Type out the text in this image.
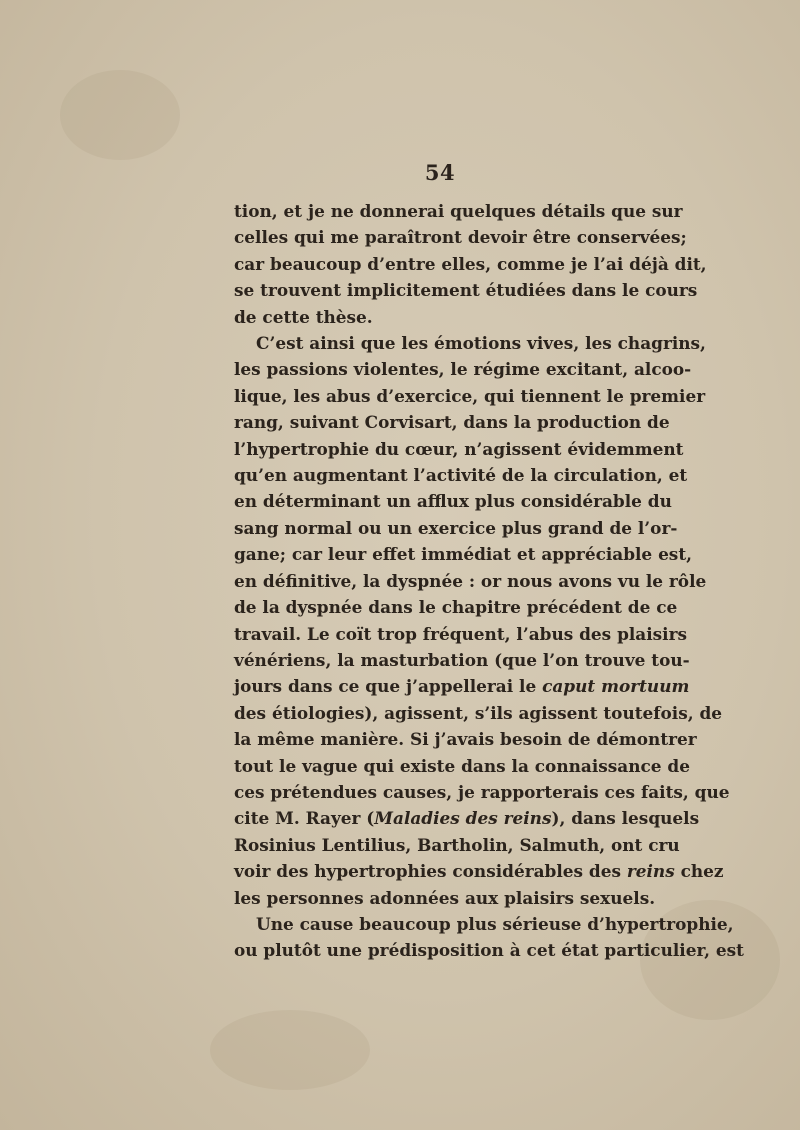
54
tion, et je ne donnerai quelques détails que sur
celles qui me paraîtront devoir être conservées;
car beaucoup d’entre elles, comme je l’ai déjà dit,
se trouvent implicitement étudiées dans le cours
de cette thèse.
C’est ainsi que les émotions vives, les chagrins,
les passions violentes, le régime excitant, alcoo-
lique, les abus d’exercice, qui tiennent le premier
rang, suivant Corvisart, dans la production de
l’hypertrophie du cœur, n’agissent évidemment
qu’en augmentant l’activité de la circulation, et
en déterminant un afflux plus considérable du
sang normal ou un exercice plus grand de l’or-
gane; car leur effet immédiat et appréciable est,
en définitive, la dyspnée : or nous avons vu le rôle
de la dyspnée dans le chapitre précédent de ce
travail. Le coït trop fréquent, l’abus des plaisirs
vénériens, la masturbation (que l’on trouve tou-
jours dans ce que j’appellerai le caput mortuum
des étiologies), agissent, s’ils agissent toutefois, de
la même manière. Si j’avais besoin de démontrer
tout le vague qui existe dans la connaissance de
ces prétendues causes, je rapporterais ces faits, que
cite M. Rayer (Maladies des reins), dans lesquels
Rosinius Lentilius, Bartholin, Salmuth, ont cru
voir des hypertrophies considérables des reins chez
les personnes adonnées aux plaisirs sexuels.
Une cause beaucoup plus sérieuse d’hypertrophie,
ou plutôt une prédisposition à cet état particulier, est
